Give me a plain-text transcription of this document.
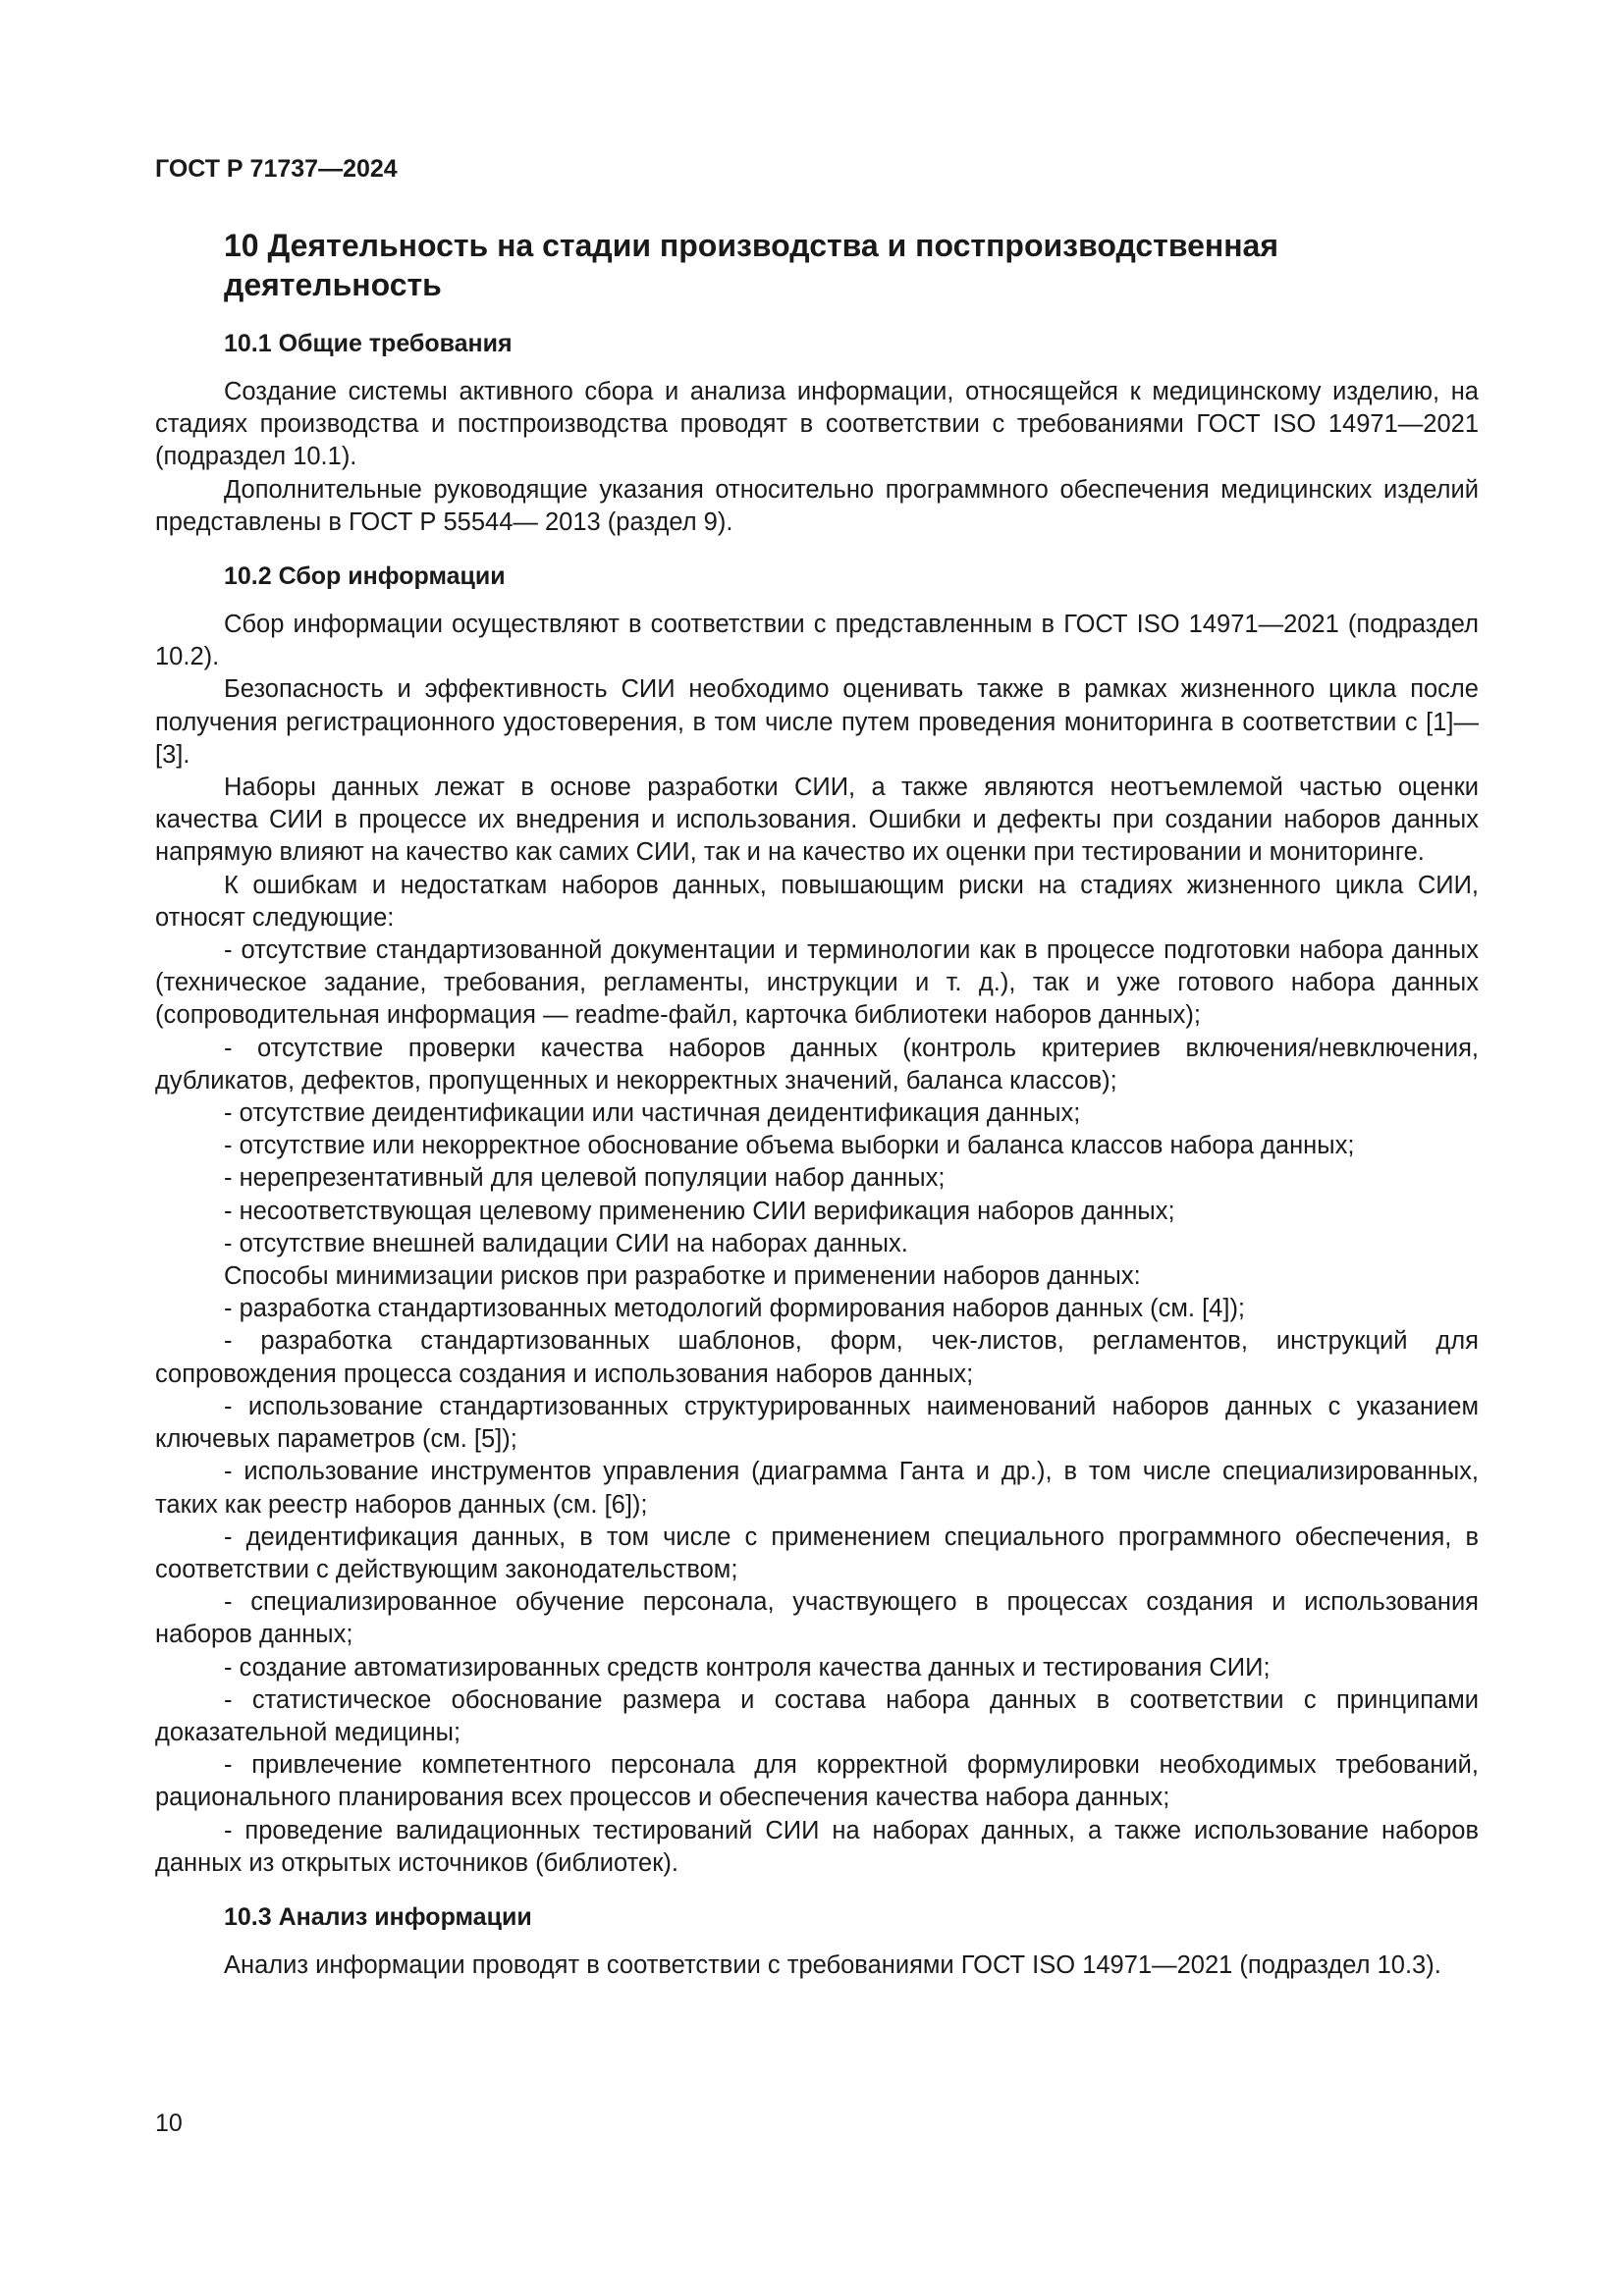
ГОСТ Р 71737—2024

10 Деятельность на стадии производства и постпроизводственная деятельность
10.1 Общие требования

Создание системы активного сбора и анализа информации, относящейся к медицинскому изделию, на стадиях производства и постпроизводства проводят в соответствии с требованиями ГОСТ ISO 14971—2021 (подраздел 10.1).

Дополнительные руководящие указания относительно программного обеспечения медицинских изделий представлены в ГОСТ Р 55544— 2013 (раздел 9).

10.2 Сбор информации

Сбор информации осуществляют в соответствии с представленным в ГОСТ ISO 14971—2021 (подраздел 10.2).

Безопасность и эффективность СИИ необходимо оценивать также в рамках жизненного цикла после получения регистрационного удостоверения, в том числе путем проведения мониторинга в соответствии с [1]—[3].

Наборы данных лежат в основе разработки СИИ, а также являются неотъемлемой частью оценки качества СИИ в процессе их внедрения и использования. Ошибки и дефекты при создании наборов данных напрямую влияют на качество как самих СИИ, так и на качество их оценки при тестировании и мониторинге.

К ошибкам и недостаткам наборов данных, повышающим риски на стадиях жизненного цикла СИИ, относят следующие:

- отсутствие стандартизованной документации и терминологии как в процессе подготовки набора данных (техническое задание, требования, регламенты, инструкции и т. д.), так и уже готового набора данных (сопроводительная информация — readme-файл, карточка библиотеки наборов данных);

- отсутствие проверки качества наборов данных (контроль критериев включения/невключения, дубликатов, дефектов, пропущенных и некорректных значений, баланса классов);

- отсутствие деидентификации или частичная деидентификация данных;

- отсутствие или некорректное обоснование объема выборки и баланса классов набора данных;

- нерепрезентативный для целевой популяции набор данных;

- несоответствующая целевому применению СИИ верификация наборов данных;

- отсутствие внешней валидации СИИ на наборах данных.

Способы минимизации рисков при разработке и применении наборов данных:

- разработка стандартизованных методологий формирования наборов данных (см. [4]);

- разработка стандартизованных шаблонов, форм, чек-листов, регламентов, инструкций для сопровождения процесса создания и использования наборов данных;

- использование стандартизованных структурированных наименований наборов данных с указанием ключевых параметров (см. [5]);

- использование инструментов управления (диаграмма Ганта и др.), в том числе специализированных, таких как реестр наборов данных (см. [6]);

- деидентификация данных, в том числе с применением специального программного обеспечения, в соответствии с действующим законодательством;

- специализированное обучение персонала, участвующего в процессах создания и использования наборов данных;

- создание автоматизированных средств контроля качества данных и тестирования СИИ;

- статистическое обоснование размера и состава набора данных в соответствии с принципами доказательной медицины;

- привлечение компетентного персонала для корректной формулировки необходимых требований, рационального планирования всех процессов и обеспечения качества набора данных;

- проведение валидационных тестирований СИИ на наборах данных, а также использование наборов данных из открытых источников (библиотек).

10.3 Анализ информации

Анализ информации проводят в соответствии с требованиями ГОСТ ISO 14971—2021 (подраздел 10.3).

10
